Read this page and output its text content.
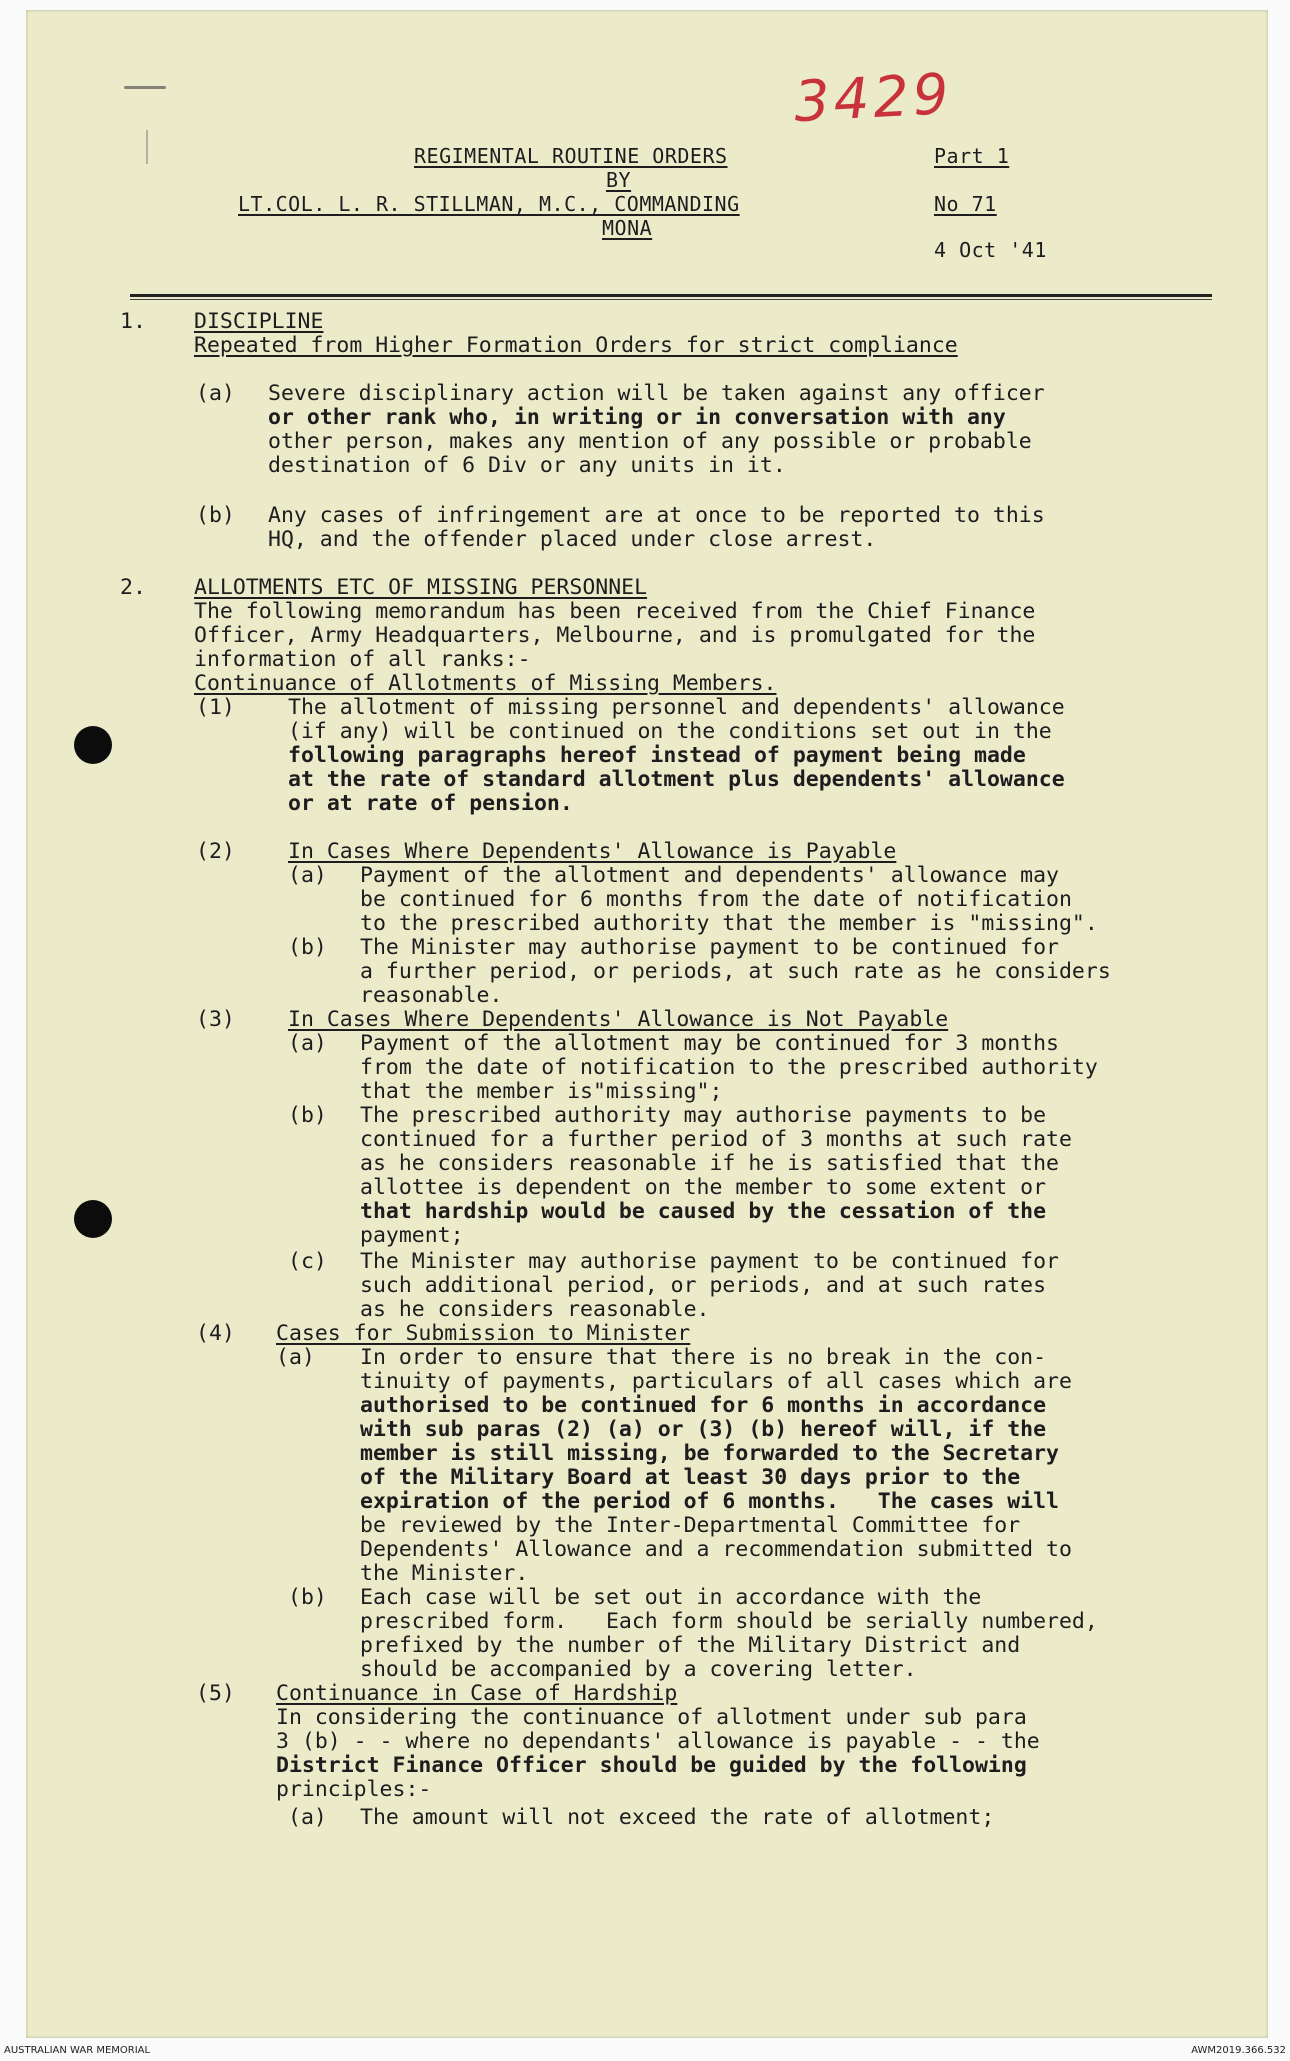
3429
REGIMENTAL ROUTINE ORDERS
BY
LT.COL. L. R. STILLMAN, M.C., COMMANDING
MONA
Part 1
No 71
4 Oct '41
1. DISCIPLINE
Repeated from Higher Formation Orders for strict compliance
(a) Severe disciplinary action will be taken against any officer
or other rank who, in writing or in conversation with any
other person, makes any mention of any possible or probable
destination of 6 Div or any units in it.
(b) Any cases of infringement are at once to be reported to this
HQ, and the offender placed under close arrest.
2. ALLOTMENTS ETC OF MISSING PERSONNEL
The following memorandum has been received from the Chief Finance
Officer, Army Headquarters, Melbourne, and is promulgated for the
information of all ranks:-
Continuance of Allotments of Missing Members.
(1) The allotment of missing personnel and dependents' allowance
(if any) will be continued on the conditions set out in the
following paragraphs hereof instead of payment being made
at the rate of standard allotment plus dependents' allowance
or at rate of pension.
(2) In Cases Where Dependents' Allowance is Payable
(a) Payment of the allotment and dependents' allowance may
be continued for 6 months from the date of notification
to the prescribed authority that the member is "missing".
(b) The Minister may authorise payment to be continued for
a further period, or periods, at such rate as he considers
reasonable.
(3) In Cases Where Dependents' Allowance is Not Payable
(a) Payment of the allotment may be continued for 3 months
from the date of notification to the prescribed authority
that the member is"missing";
(b) The prescribed authority may authorise payments to be
continued for a further period of 3 months at such rate
as he considers reasonable if he is satisfied that the
allottee is dependent on the member to some extent or
that hardship would be caused by the cessation of the
payment;
(c) The Minister may authorise payment to be continued for
such additional period, or periods, and at such rates
as he considers reasonable.
(4) Cases for Submission to Minister
(a) In order to ensure that there is no break in the con-
tinuity of payments, particulars of all cases which are
authorised to be continued for 6 months in accordance
with sub paras (2) (a) or (3) (b) hereof will, if the
member is still missing, be forwarded to the Secretary
of the Military Board at least 30 days prior to the
expiration of the period of 6 months.   The cases will
be reviewed by the Inter-Departmental Committee for
Dependents' Allowance and a recommendation submitted to
the Minister.
(b) Each case will be set out in accordance with the
prescribed form.   Each form should be serially numbered,
prefixed by the number of the Military District and
should be accompanied by a covering letter.
(5) Continuance in Case of Hardship
In considering the continuance of allotment under sub para
3 (b) - - where no dependants' allowance is payable - - the
District Finance Officer should be guided by the following
principles:-
(a) The amount will not exceed the rate of allotment;
AUSTRALIAN WAR MEMORIAL	AWM2019.366.532
